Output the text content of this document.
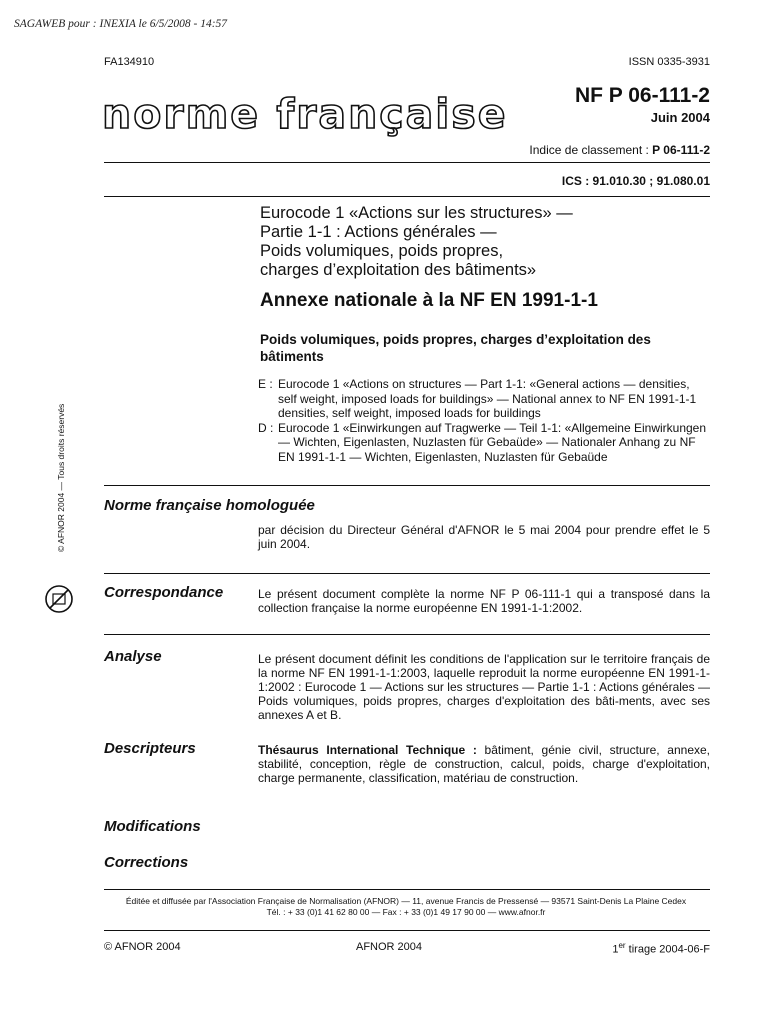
SAGAWEB pour : INEXIA le 6/5/2008 - 14:57
FA134910	ISSN 0335-3931
norme française	NF P 06-111-2
Juin 2004
Indice de classement : P 06-111-2
ICS : 91.010.30 ; 91.080.01
Eurocode 1 «Actions sur les structures» —
Partie 1-1 : Actions générales —
Poids volumiques, poids propres,
charges d’exploitation des bâtiments»
Annexe nationale à la NF EN 1991-1-1
Poids volumiques, poids propres, charges d’exploitation des bâtiments
E : Eurocode 1 «Actions on structures — Part 1-1: «General actions — densities, self weight, imposed loads for buildings» — National annex to NF EN 1991-1-1 densities, self weight, imposed loads for buildings
D : Eurocode 1 «Einwirkungen auf Tragwerke — Teil 1-1: «Allgemeine Einwirkungen — Wichten, Eigenlasten, Nuzlasten für Gebaüde» — Nationaler Anhang zu NF EN 1991-1-1 — Wichten, Eigenlasten, Nuzlasten für Gebaüde
Norme française homologuée
par décision du Directeur Général d'AFNOR le 5 mai 2004 pour prendre effet le 5 juin 2004.
Correspondance	Le présent document complète la norme NF P 06-111-1 qui a transposé dans la collection française la norme européenne EN 1991-1-1:2002.
Analyse	Le présent document définit les conditions de l'application sur le territoire français de la norme NF EN 1991-1-1:2003, laquelle reproduit la norme européenne EN 1991-1-1:2002 : Eurocode 1 — Actions sur les structures — Partie 1-1 : Actions générales — Poids volumiques, poids propres, charges d'exploitation des bâti-ments, avec ses annexes A et B.
Descripteurs	Thésaurus International Technique : bâtiment, génie civil, structure, annexe, stabilité, conception, règle de construction, calcul, poids, charge d'exploitation, charge permanente, classification, matériau de construction.
Modifications
Corrections
Éditée et diffusée par l'Association Française de Normalisation (AFNOR) — 11, avenue Francis de Pressensé — 93571 Saint-Denis La Plaine Cedex
Tél. : + 33 (0)1 41 62 80 00 — Fax : + 33 (0)1 49 17 90 00 — www.afnor.fr
© AFNOR 2004	AFNOR 2004	1er tirage 2004-06-F
© AFNOR 2004 — Tous droits réservés
